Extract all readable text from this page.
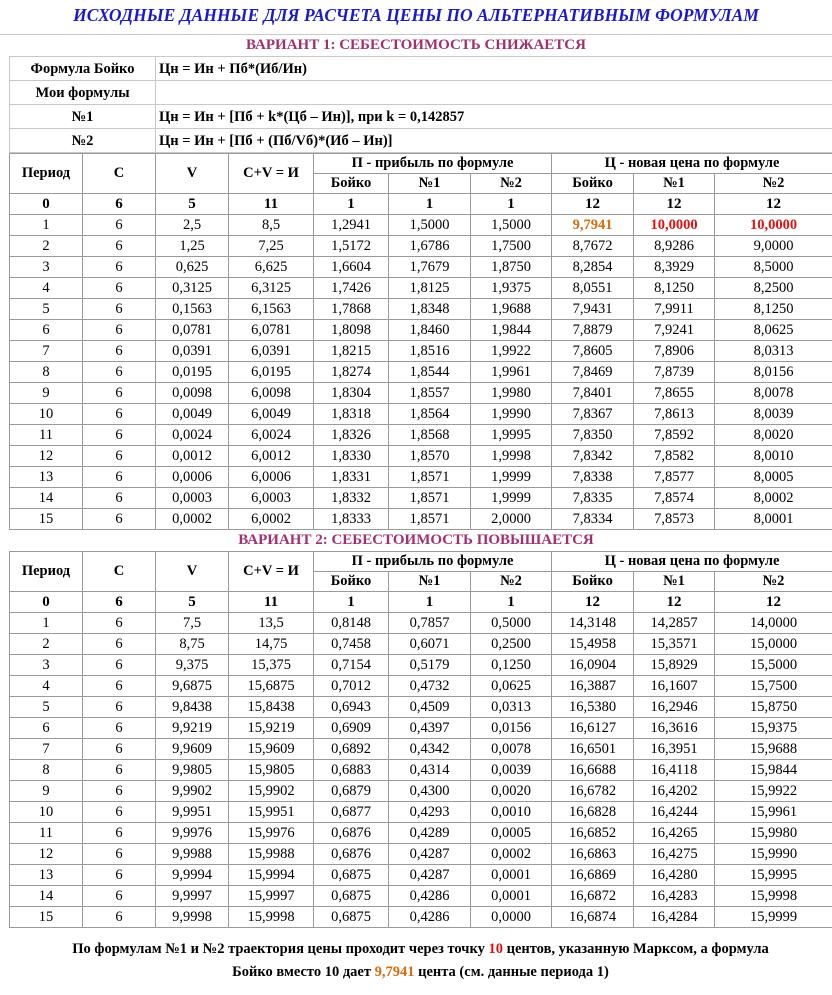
ИСХОДНЫЕ ДАННЫЕ ДЛЯ РАСЧЕТА ЦЕНЫ ПО АЛЬТЕРНАТИВНЫМ ФОРМУЛАМ
ВАРИАНТ 1: СЕБЕСТОИМОСТЬ СНИЖАЕТСЯ
Формула Бойко	Цн = Ин + Пб*(Иб/Ин)
Мои формулы	
№1	Цн = Ин + [Пб + k*(Цб – Ин)], при k = 0,142857
№2	Цн = Ин + [Пб + (Пб/Vб)*(Иб – Ин)]
Период	C	V	C+V = И	П - прибыль по формуле			Ц - новая цена по формуле		
				Бойко	№1	№2	Бойко	№1	№2
0	6	5	11	1	1	1	12	12	12
1	6	2,5	8,5	1,2941	1,5000	1,5000	9,7941	10,0000	10,0000
2	6	1,25	7,25	1,5172	1,6786	1,7500	8,7672	8,9286	9,0000
3	6	0,625	6,625	1,6604	1,7679	1,8750	8,2854	8,3929	8,5000
4	6	0,3125	6,3125	1,7426	1,8125	1,9375	8,0551	8,1250	8,2500
5	6	0,1563	6,1563	1,7868	1,8348	1,9688	7,9431	7,9911	8,1250
6	6	0,0781	6,0781	1,8098	1,8460	1,9844	7,8879	7,9241	8,0625
7	6	0,0391	6,0391	1,8215	1,8516	1,9922	7,8605	7,8906	8,0313
8	6	0,0195	6,0195	1,8274	1,8544	1,9961	7,8469	7,8739	8,0156
9	6	0,0098	6,0098	1,8304	1,8557	1,9980	7,8401	7,8655	8,0078
10	6	0,0049	6,0049	1,8318	1,8564	1,9990	7,8367	7,8613	8,0039
11	6	0,0024	6,0024	1,8326	1,8568	1,9995	7,8350	7,8592	8,0020
12	6	0,0012	6,0012	1,8330	1,8570	1,9998	7,8342	7,8582	8,0010
13	6	0,0006	6,0006	1,8331	1,8571	1,9999	7,8338	7,8577	8,0005
14	6	0,0003	6,0003	1,8332	1,8571	1,9999	7,8335	7,8574	8,0002
15	6	0,0002	6,0002	1,8333	1,8571	2,0000	7,8334	7,8573	8,0001
ВАРИАНТ 2: СЕБЕСТОИМОСТЬ ПОВЫШАЕТСЯ
Период	C	V	C+V = И	П - прибыль по формуле			Ц - новая цена по формуле		
				Бойко	№1	№2	Бойко	№1	№2
0	6	5	11	1	1	1	12	12	12
1	6	7,5	13,5	0,8148	0,7857	0,5000	14,3148	14,2857	14,0000
2	6	8,75	14,75	0,7458	0,6071	0,2500	15,4958	15,3571	15,0000
3	6	9,375	15,375	0,7154	0,5179	0,1250	16,0904	15,8929	15,5000
4	6	9,6875	15,6875	0,7012	0,4732	0,0625	16,3887	16,1607	15,7500
5	6	9,8438	15,8438	0,6943	0,4509	0,0313	16,5380	16,2946	15,8750
6	6	9,9219	15,9219	0,6909	0,4397	0,0156	16,6127	16,3616	15,9375
7	6	9,9609	15,9609	0,6892	0,4342	0,0078	16,6501	16,3951	15,9688
8	6	9,9805	15,9805	0,6883	0,4314	0,0039	16,6688	16,4118	15,9844
9	6	9,9902	15,9902	0,6879	0,4300	0,0020	16,6782	16,4202	15,9922
10	6	9,9951	15,9951	0,6877	0,4293	0,0010	16,6828	16,4244	15,9961
11	6	9,9976	15,9976	0,6876	0,4289	0,0005	16,6852	16,4265	15,9980
12	6	9,9988	15,9988	0,6876	0,4287	0,0002	16,6863	16,4275	15,9990
13	6	9,9994	15,9994	0,6875	0,4287	0,0001	16,6869	16,4280	15,9995
14	6	9,9997	15,9997	0,6875	0,4286	0,0001	16,6872	16,4283	15,9998
15	6	9,9998	15,9998	0,6875	0,4286	0,0000	16,6874	16,4284	15,9999
По формулам №1 и №2 траектория цены проходит через точку 10 центов, указанную Марксом, а формула
Бойко вместо 10 дает 9,7941 цента (см. данные периода 1)
